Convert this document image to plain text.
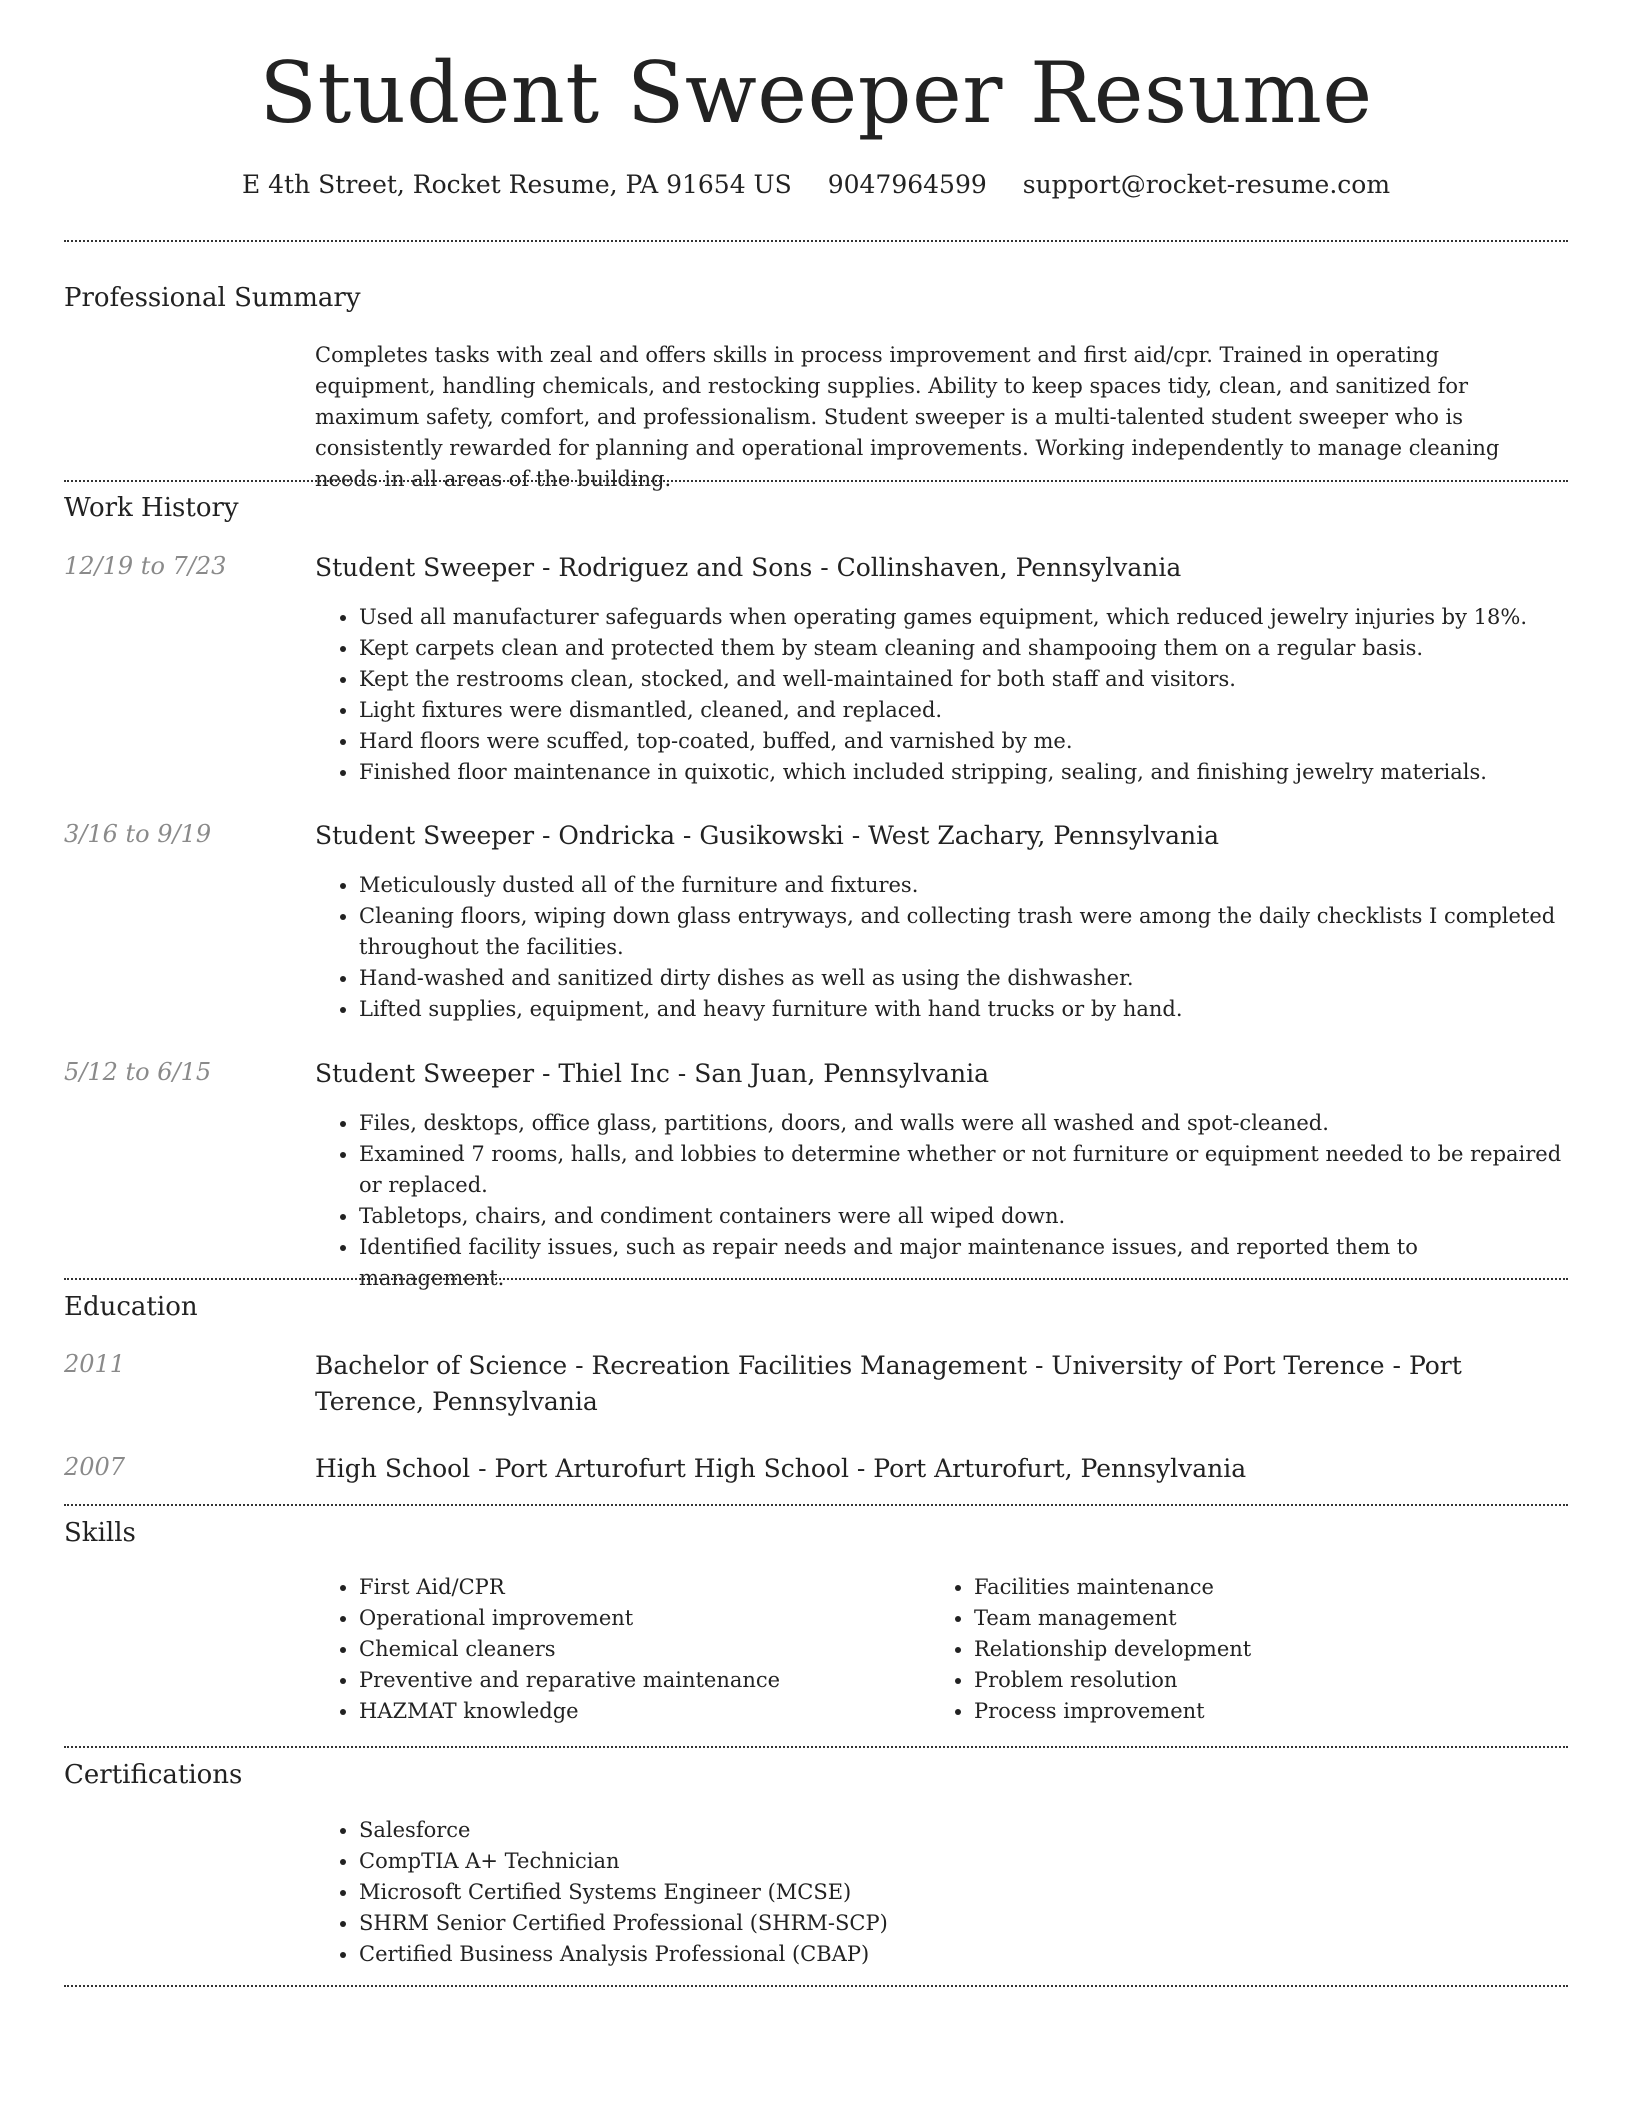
Student Sweeper Resume
E 4th Street, Rocket Resume, PA 91654 US 9047964599 support@rocket-resume.com
Professional Summary
Completes tasks with zeal and offers skills in process improvement and first aid/cpr. Trained in operating equipment, handling chemicals, and restocking supplies. Ability to keep spaces tidy, clean, and sanitized for maximum safety, comfort, and professionalism. Student sweeper is a multi-talented student sweeper who is consistently rewarded for planning and operational improvements. Working independently to manage cleaning needs in all areas of the building.
Work History
12/19 to 7/23	Student Sweeper - Rodriguez and Sons - Collinshaven, Pennsylvania
• Used all manufacturer safeguards when operating games equipment, which reduced jewelry injuries by 18%.
• Kept carpets clean and protected them by steam cleaning and shampooing them on a regular basis.
• Kept the restrooms clean, stocked, and well-maintained for both staff and visitors.
• Light fixtures were dismantled, cleaned, and replaced.
• Hard floors were scuffed, top-coated, buffed, and varnished by me.
• Finished floor maintenance in quixotic, which included stripping, sealing, and finishing jewelry materials.
3/16 to 9/19	Student Sweeper - Ondricka - Gusikowski - West Zachary, Pennsylvania
• Meticulously dusted all of the furniture and fixtures.
• Cleaning floors, wiping down glass entryways, and collecting trash were among the daily checklists I completed throughout the facilities.
• Hand-washed and sanitized dirty dishes as well as using the dishwasher.
• Lifted supplies, equipment, and heavy furniture with hand trucks or by hand.
5/12 to 6/15	Student Sweeper - Thiel Inc - San Juan, Pennsylvania
• Files, desktops, office glass, partitions, doors, and walls were all washed and spot-cleaned.
• Examined 7 rooms, halls, and lobbies to determine whether or not furniture or equipment needed to be repaired or replaced.
• Tabletops, chairs, and condiment containers were all wiped down.
• Identified facility issues, such as repair needs and major maintenance issues, and reported them to management.
Education
2011	Bachelor of Science - Recreation Facilities Management - University of Port Terence - Port Terence, Pennsylvania
2007	High School - Port Arturofurt High School - Port Arturofurt, Pennsylvania
Skills
• First Aid/CPR
• Operational improvement
• Chemical cleaners
• Preventive and reparative maintenance
• HAZMAT knowledge
• Facilities maintenance
• Team management
• Relationship development
• Problem resolution
• Process improvement
Certifications
• Salesforce
• CompTIA A+ Technician
• Microsoft Certified Systems Engineer (MCSE)
• SHRM Senior Certified Professional (SHRM-SCP)
• Certified Business Analysis Professional (CBAP)
